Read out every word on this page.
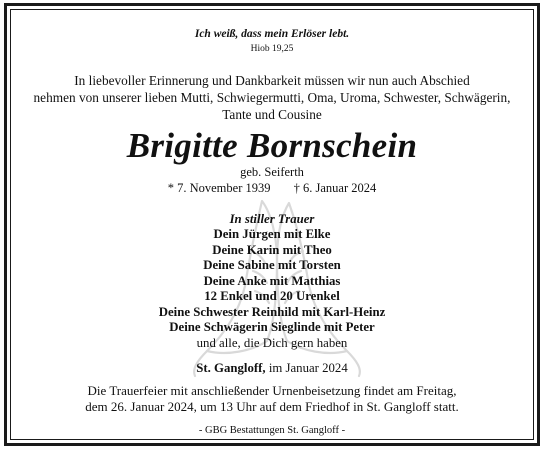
Ich weiß, dass mein Erlöser lebt.
Hiob 19,25
In liebevoller Erinnerung und Dankbarkeit müssen wir nun auch Abschied
nehmen von unserer lieben Mutti, Schwiegermutti, Oma, Uroma, Schwester, Schwägerin,
Tante und Cousine
Brigitte Bornschein
geb. Seiferth
* 7. November 1939 † 6. Januar 2024
In stiller Trauer
Dein Jürgen mit Elke
Deine Karin mit Theo
Deine Sabine mit Torsten
Deine Anke mit Matthias
12 Enkel und 20 Urenkel
Deine Schwester Reinhild mit Karl-Heinz
Deine Schwägerin Sieglinde mit Peter
und alle, die Dich gern haben
St. Gangloff, im Januar 2024
Die Trauerfeier mit anschließender Urnenbeisetzung findet am Freitag,
dem 26. Januar 2024, um 13 Uhr auf dem Friedhof in St. Gangloff statt.
- GBG Bestattungen St. Gangloff -
